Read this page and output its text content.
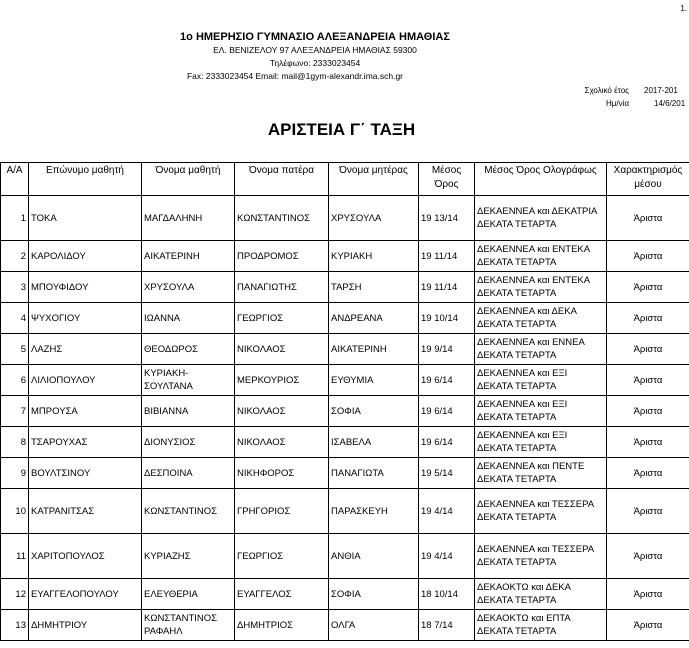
1.
1ο ΗΜΕΡΗΣΙΟ ΓΥΜΝΑΣΙΟ ΑΛΕΞΑΝΔΡΕΙΑ ΗΜΑΘΙΑΣ
ΕΛ. ΒΕΝΙΖΕΛΟΥ 97 ΑΛΕΞΑΝΔΡΕΙΑ ΗΜΑΘΙΑΣ 59300
Τηλέφωνο: 2333023454
Fax: 2333023454 Email: mail@1gym-alexandr.ima.sch.gr
Σχολικό έτος
Ημ/νία
2017-201
14/6/201
ΑΡΙΣΤΕΙΑ Γ΄ ΤΑΞΗ
Α/Α	Επώνυμο μαθητή	Όνομα μαθητή	Όνομα πατέρα	Όνομα μητέρας	Μέσος Όρος	Μέσος Όρος Ολογράφως	Χαρακτηρισμός μέσου
1	ΤΟΚΑ	ΜΑΓΔΑΛΗΝΗ	ΚΩΝΣΤΑΝΤΙΝΟΣ	ΧΡΥΣΟΥΛΑ	19 13/14	ΔΕΚΑΕΝΝΕΑ και ΔΕΚΑΤΡΙΑ ΔΕΚΑΤΑ ΤΕΤΑΡΤΑ	Άριστα
2	ΚΑΡΟΛΙΔΟΥ	ΑΙΚΑΤΕΡΙΝΗ	ΠΡΟΔΡΟΜΟΣ	ΚΥΡΙΑΚΗ	19 11/14	ΔΕΚΑΕΝΝΕΑ και ΕΝΤΕΚΑ ΔΕΚΑΤΑ ΤΕΤΑΡΤΑ	Άριστα
3	ΜΠΟΥΦΙΔΟΥ	ΧΡΥΣΟΥΛΑ	ΠΑΝΑΓΙΩΤΗΣ	ΤΑΡΣΗ	19 11/14	ΔΕΚΑΕΝΝΕΑ και ΕΝΤΕΚΑ ΔΕΚΑΤΑ ΤΕΤΑΡΤΑ	Άριστα
4	ΨΥΧΟΓΙΟΥ	ΙΩΑΝΝΑ	ΓΕΩΡΓΙΟΣ	ΑΝΔΡΕΑΝΑ	19 10/14	ΔΕΚΑΕΝΝΕΑ και ΔΕΚΑ ΔΕΚΑΤΑ ΤΕΤΑΡΤΑ	Άριστα
5	ΛΑΖΗΣ	ΘΕΟΔΩΡΟΣ	ΝΙΚΟΛΑΟΣ	ΑΙΚΑΤΕΡΙΝΗ	19 9/14	ΔΕΚΑΕΝΝΕΑ και ΕΝΝΕΑ ΔΕΚΑΤΑ ΤΕΤΑΡΤΑ	Άριστα
6	ΛΙΛΙΟΠΟΥΛΟΥ	ΚΥΡΙΑΚΗ-ΣΟΥΛΤΑΝΑ	ΜΕΡΚΟΥΡΙΟΣ	ΕΥΘΥΜΙΑ	19 6/14	ΔΕΚΑΕΝΝΕΑ και ΕΞΙ ΔΕΚΑΤΑ ΤΕΤΑΡΤΑ	Άριστα
7	ΜΠΡΟΥΣΑ	ΒΙΒΙΑΝΝΑ	ΝΙΚΟΛΑΟΣ	ΣΟΦΙΑ	19 6/14	ΔΕΚΑΕΝΝΕΑ και ΕΞΙ ΔΕΚΑΤΑ ΤΕΤΑΡΤΑ	Άριστα
8	ΤΣΑΡΟΥΧΑΣ	ΔΙΟΝΥΣΙΟΣ	ΝΙΚΟΛΑΟΣ	ΙΣΑΒΕΛΑ	19 6/14	ΔΕΚΑΕΝΝΕΑ και ΕΞΙ ΔΕΚΑΤΑ ΤΕΤΑΡΤΑ	Άριστα
9	ΒΟΥΛΤΣΙΝΟΥ	ΔΕΣΠΟΙΝΑ	ΝΙΚΗΦΟΡΟΣ	ΠΑΝΑΓΙΩΤΑ	19 5/14	ΔΕΚΑΕΝΝΕΑ και ΠΕΝΤΕ ΔΕΚΑΤΑ ΤΕΤΑΡΤΑ	Άριστα
10	ΚΑΤΡΑΝΙΤΣΑΣ	ΚΩΝΣΤΑΝΤΙΝΟΣ	ΓΡΗΓΟΡΙΟΣ	ΠΑΡΑΣΚΕΥΗ	19 4/14	ΔΕΚΑΕΝΝΕΑ και ΤΕΣΣΕΡΑ ΔΕΚΑΤΑ ΤΕΤΑΡΤΑ	Άριστα
11	ΧΑΡΙΤΟΠΟΥΛΟΣ	ΚΥΡΙΑΖΗΣ	ΓΕΩΡΓΙΟΣ	ΑΝΘΙΑ	19 4/14	ΔΕΚΑΕΝΝΕΑ και ΤΕΣΣΕΡΑ ΔΕΚΑΤΑ ΤΕΤΑΡΤΑ	Άριστα
12	ΕΥΑΓΓΕΛΟΠΟΥΛΟΥ	ΕΛΕΥΘΕΡΙΑ	ΕΥΑΓΓΕΛΟΣ	ΣΟΦΙΑ	18 10/14	ΔΕΚΑΟΚΤΩ και ΔΕΚΑ ΔΕΚΑΤΑ ΤΕΤΑΡΤΑ	Άριστα
13	ΔΗΜΗΤΡΙΟΥ	ΚΩΝΣΤΑΝΤΙΝΟΣ ΡΑΦΑΗΛ	ΔΗΜΗΤΡΙΟΣ	ΟΛΓΑ	18 7/14	ΔΕΚΑΟΚΤΩ και ΕΠΤΑ ΔΕΚΑΤΑ ΤΕΤΑΡΤΑ	Άριστα
